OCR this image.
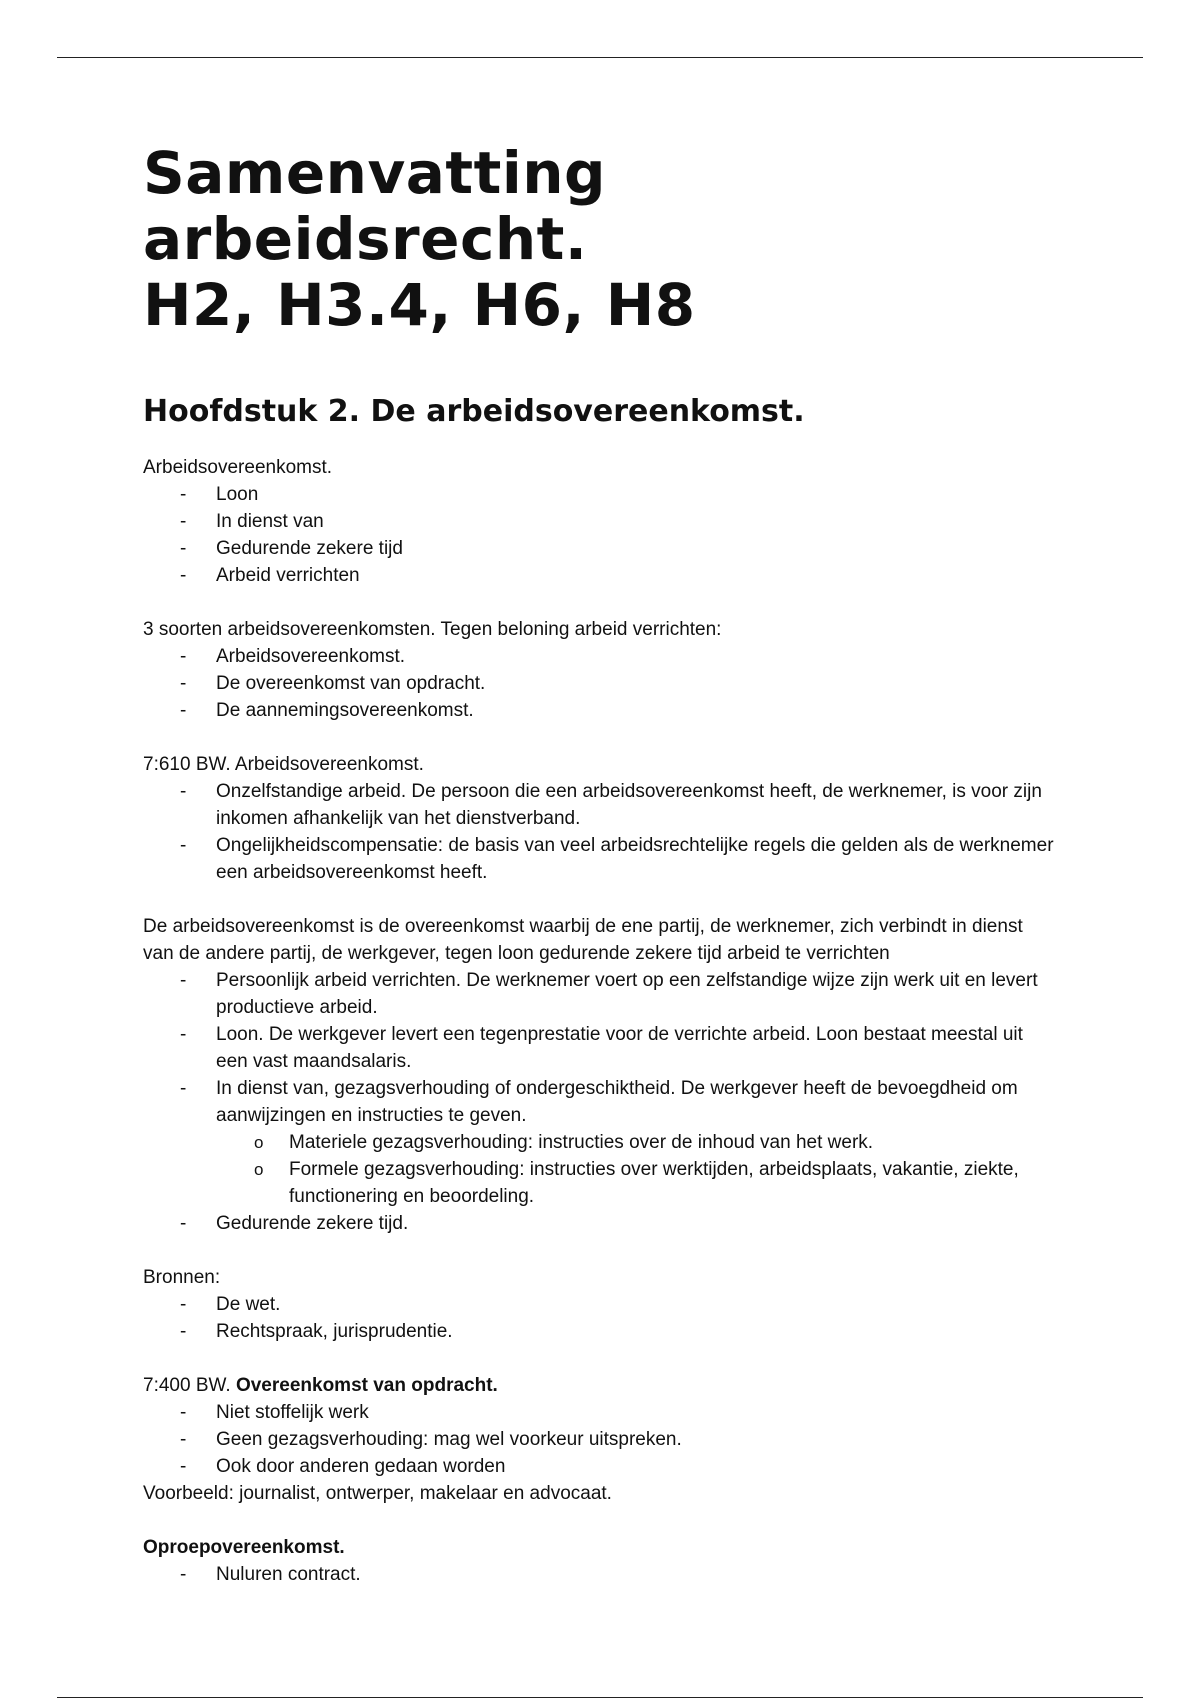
Samenvatting arbeidsrecht.
H2, H3.4, H6, H8
Hoofdstuk 2. De arbeidsovereenkomst.

Arbeidsovereenkomst.

- Loon
- In dienst van
- Gedurende zekere tijd
- Arbeid verrichten

3 soorten arbeidsovereenkomsten. Tegen beloning arbeid verrichten:

- Arbeidsovereenkomst.
- De overeenkomst van opdracht.
- De aannemingsovereenkomst.

7:610 BW. Arbeidsovereenkomst.

- Onzelfstandige arbeid. De persoon die een arbeidsovereenkomst heeft, de werknemer, is voor zijn inkomen afhankelijk van het dienstverband.
- Ongelijkheidscompensatie: de basis van veel arbeidsrechtelijke regels die gelden als de werknemer een arbeidsovereenkomst heeft.

De arbeidsovereenkomst is de overeenkomst waarbij de ene partij, de werknemer, zich verbindt in dienst van de andere partij, de werkgever, tegen loon gedurende zekere tijd arbeid te verrichten

- Persoonlijk arbeid verrichten. De werknemer voert op een zelfstandige wijze zijn werk uit en levert productieve arbeid.
- Loon. De werkgever levert een tegenprestatie voor de verrichte arbeid. Loon bestaat meestal uit een vast maandsalaris.
- In dienst van, gezagsverhouding of ondergeschiktheid. De werkgever heeft de bevoegdheid om aanwijzingen en instructies te geven.
o Materiele gezagsverhouding: instructies over de inhoud van het werk.
o Formele gezagsverhouding: instructies over werktijden, arbeidsplaats, vakantie, ziekte, functionering en beoordeling.
- Gedurende zekere tijd.

Bronnen:

- De wet.
- Rechtspraak, jurisprudentie.

7:400 BW. Overeenkomst van opdracht.

- Niet stoffelijk werk
- Geen gezagsverhouding: mag wel voorkeur uitspreken.
- Ook door anderen gedaan worden

Voorbeeld: journalist, ontwerper, makelaar en advocaat.

Oproepovereenkomst.

- Nuluren contract.
